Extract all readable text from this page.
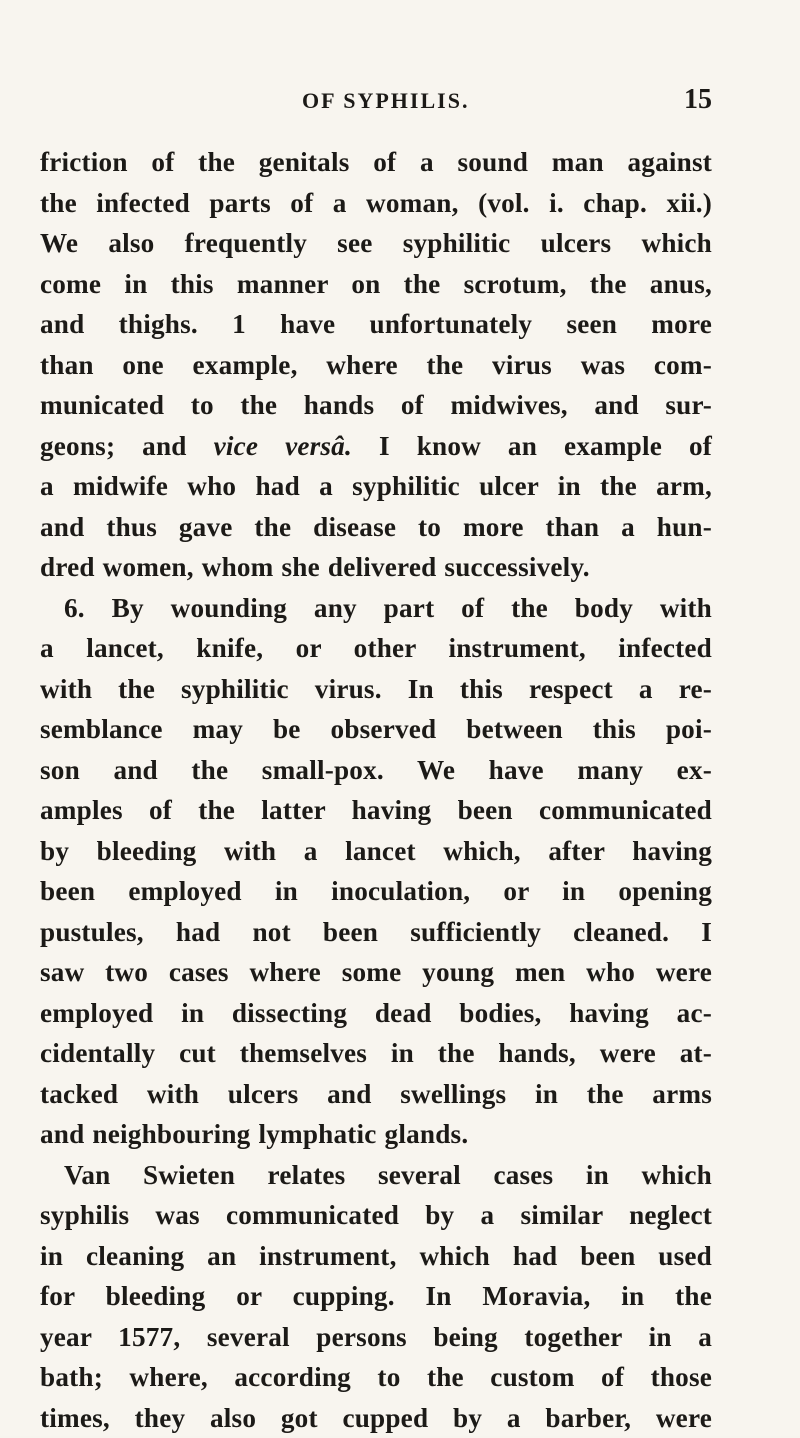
OF SYPHILIS.	15
friction of the genitals of a sound man against
the infected parts of a woman, (vol. i. chap. xii.)
We also frequently see syphilitic ulcers which
come in this manner on the scrotum, the anus,
and thighs. 1 have unfortunately seen more
than one example, where the virus was com-
municated to the hands of midwives, and sur-
geons; and vice versâ. I know an example of
a midwife who had a syphilitic ulcer in the arm,
and thus gave the disease to more than a hun-
dred women, whom she delivered successively.
6. By wounding any part of the body with
a lancet, knife, or other instrument, infected
with the syphilitic virus. In this respect a re-
semblance may be observed between this poi-
son and the small-pox. We have many ex-
amples of the latter having been communicated
by bleeding with a lancet which, after having
been employed in inoculation, or in opening
pustules, had not been sufficiently cleaned. I
saw two cases where some young men who were
employed in dissecting dead bodies, having ac-
cidentally cut themselves in the hands, were at-
tacked with ulcers and swellings in the arms
and neighbouring lymphatic glands.
Van Swieten relates several cases in which
syphilis was communicated by a similar neglect
in cleaning an instrument, which had been used
for bleeding or cupping. In Moravia, in the
year 1577, several persons being together in a
bath; where, according to the custom of those
times, they also got cupped by a barber, were
